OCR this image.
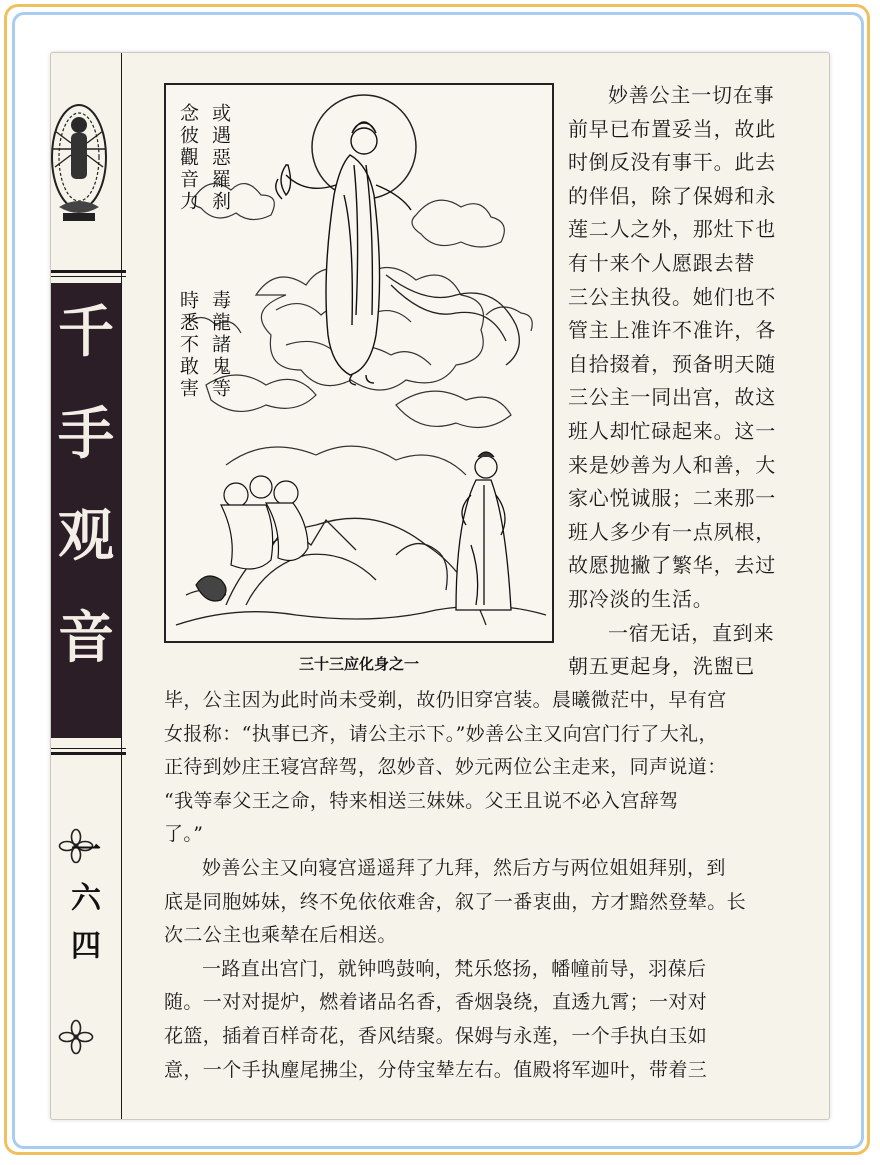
千
手
观
音
一
六
四
或遇惡羅刹
念彼觀音力
毒龍諸鬼等
時悉不敢害
三十三应化身之一

妙善公主一切在事

前早已布置妥当，故此

时倒反没有事干。此去

的伴侣，除了保姆和永

莲二人之外，那灶下也

有十来个人愿跟去替

三公主执役。她们也不

管主上准许不准许，各

自拾掇着，预备明天随

三公主一同出宫，故这

班人却忙碌起来。这一

来是妙善为人和善，大

家心悦诚服；二来那一

班人多少有一点夙根，

故愿抛撇了繁华，去过

那冷淡的生活。

一宿无话，直到来

朝五更起身，洗盥已

毕，公主因为此时尚未受剃，故仍旧穿宫装。晨曦微茫中，早有宫

女报称：“执事已齐，请公主示下。”妙善公主又向宫门行了大礼，

正待到妙庄王寝宫辞驾，忽妙音、妙元两位公主走来，同声说道：

“我等奉父王之命，特来相送三妹妹。父王且说不必入宫辞驾

了。”

妙善公主又向寝宫遥遥拜了九拜，然后方与两位姐姐拜别，到

底是同胞姊妹，终不免依依难舍，叙了一番衷曲，方才黯然登辇。长

次二公主也乘辇在后相送。

一路直出宫门，就钟鸣鼓响，梵乐悠扬，幡幢前导，羽葆后

随。一对对提炉，燃着诸品名香，香烟袅绕，直透九霄；一对对

花篮，插着百样奇花，香风结聚。保姆与永莲，一个手执白玉如

意，一个手执麈尾拂尘，分侍宝辇左右。值殿将军迦叶，带着三
